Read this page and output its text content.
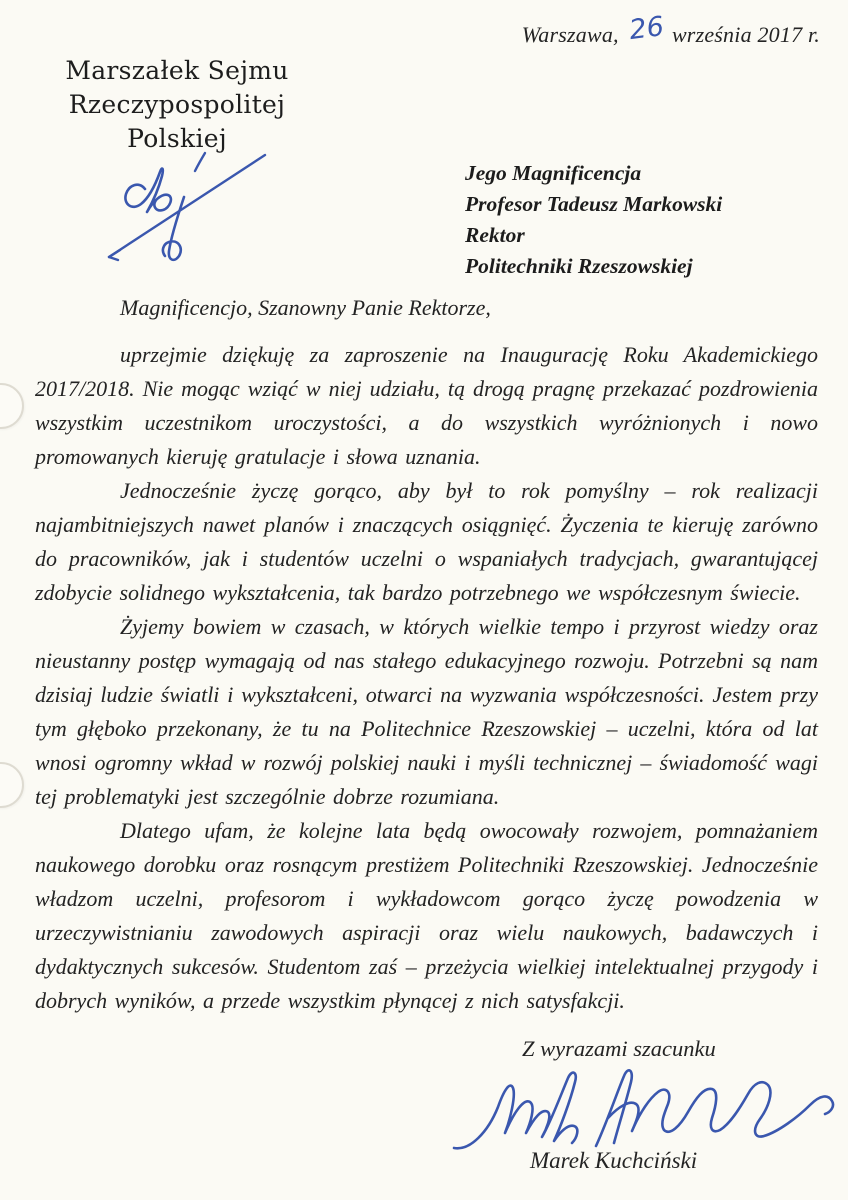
Warszawa, 26 września 2017 r.
Marszałek Sejmu
Rzeczypospolitej Polskiej
Jego Magnificencja
Profesor Tadeusz Markowski
Rektor
Politechniki Rzeszowskiej

Magnificencjo, Szanowny Panie Rektorze,

uprzejmie dziękuję za zaproszenie na Inaugurację Roku Akademickiego 2017/2018. Nie mogąc wziąć w niej udziału, tą drogą pragnę przekazać pozdrowienia wszystkim uczestnikom uroczystości, a do wszystkich wyróżnionych i nowo promowanych kieruję gratulacje i słowa uznania.

Jednocześnie życzę gorąco, aby był to rok pomyślny – rok realizacji najambitniejszych nawet planów i znaczących osiągnięć. Życzenia te kieruję zarówno do pracowników, jak i studentów uczelni o wspaniałych tradycjach, gwarantującej zdobycie solidnego wykształcenia, tak bardzo potrzebnego we współczesnym świecie.

Żyjemy bowiem w czasach, w których wielkie tempo i przyrost wiedzy oraz nieustanny postęp wymagają od nas stałego edukacyjnego rozwoju. Potrzebni są nam dzisiaj ludzie światli i wykształceni, otwarci na wyzwania współczesności. Jestem przy tym głęboko przekonany, że tu na Politechnice Rzeszowskiej – uczelni, która od lat wnosi ogromny wkład w rozwój polskiej nauki i myśli technicznej – świadomość wagi tej problematyki jest szczególnie dobrze rozumiana.

Dlatego ufam, że kolejne lata będą owocowały rozwojem, pomnażaniem naukowego dorobku oraz rosnącym prestiżem Politechniki Rzeszowskiej. Jednocześnie władzom uczelni, profesorom i wykładowcom gorąco życzę powodzenia w urzeczywistnianiu zawodowych aspiracji oraz wielu naukowych, badawczych i dydaktycznych sukcesów. Studentom zaś – przeżycia wielkiej intelektualnej przygody i dobrych wyników, a przede wszystkim płynącej z nich satysfakcji.

Z wyrazami szacunku
Marek Kuchciński
